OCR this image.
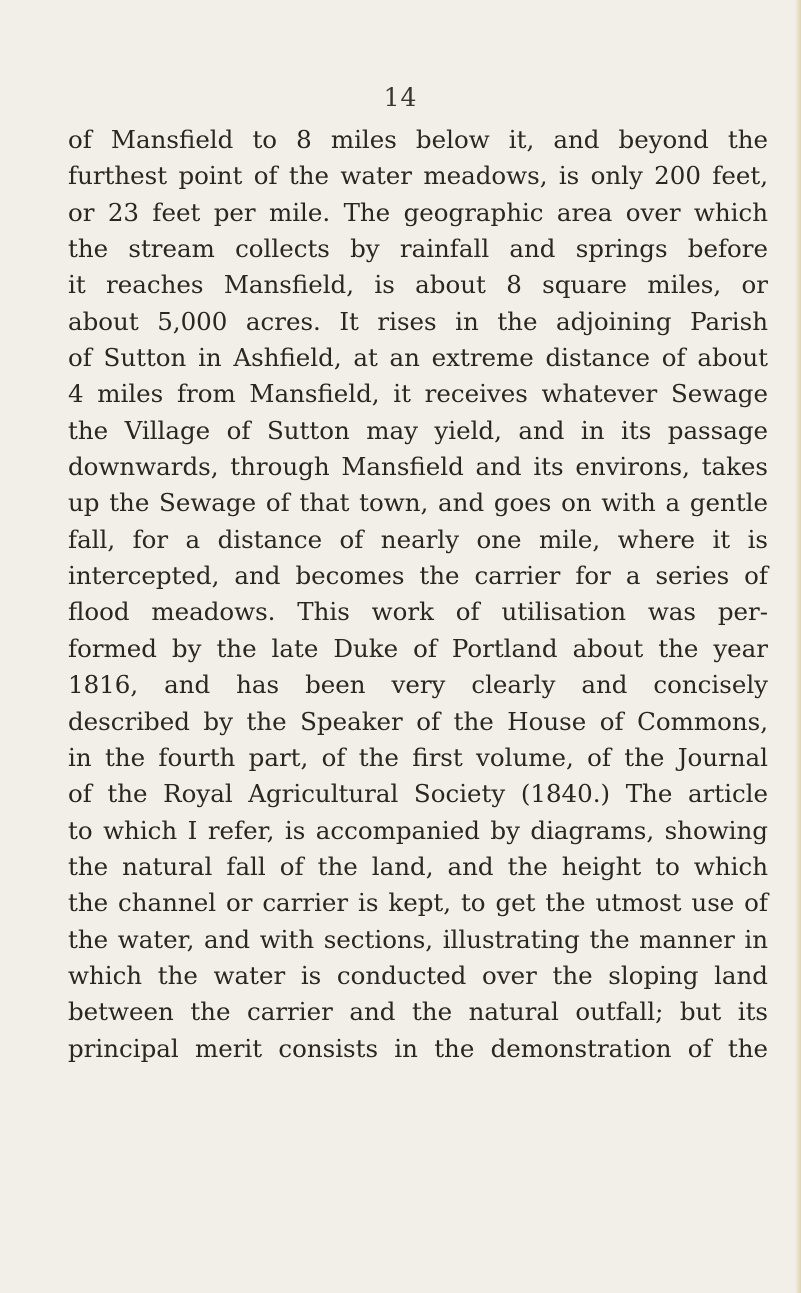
14
of Mansfield to 8 miles below it, and beyond the
furthest point of the water meadows, is only 200 feet,
or 23 feet per mile. The geographic area over which
the stream collects by rainfall and springs before
it reaches Mansfield, is about 8 square miles, or
about 5,000 acres. It rises in the adjoining Parish
of Sutton in Ashfield, at an extreme distance of about
4 miles from Mansfield, it receives whatever Sewage
the Village of Sutton may yield, and in its passage
downwards, through Mansfield and its environs, takes
up the Sewage of that town, and goes on with a gentle
fall, for a distance of nearly one mile, where it is
intercepted, and becomes the carrier for a series of
flood meadows. This work of utilisation was per-
formed by the late Duke of Portland about the year
1816, and has been very clearly and concisely
described by the Speaker of the House of Commons,
in the fourth part, of the first volume, of the Journal
of the Royal Agricultural Society (1840.) The article
to which I refer, is accompanied by diagrams, showing
the natural fall of the land, and the height to which
the channel or carrier is kept, to get the utmost use of
the water, and with sections, illustrating the manner in
which the water is conducted over the sloping land
between the carrier and the natural outfall; but its
principal merit consists in the demonstration of the
